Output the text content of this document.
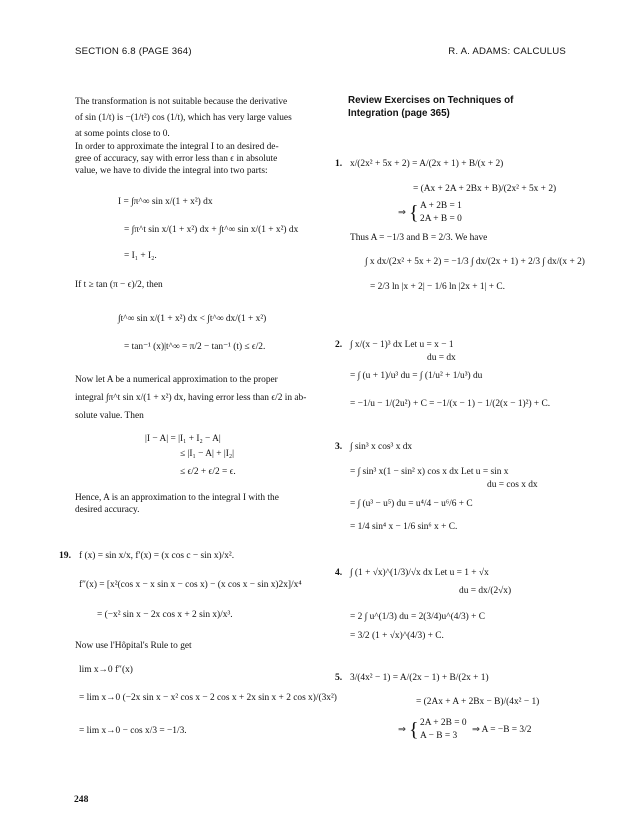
SECTION 6.8 (PAGE 364)	R. A. ADAMS: CALCULUS
The transformation is not suitable because the derivative
of sin (1/t) is −(1/t²) cos (1/t), which has very large values
at some points close to 0.
In order to approximate the integral I to an desired de-
gree of accuracy, say with error less than ϵ in absolute
value, we have to divide the integral into two parts:
I = ∫π^∞ sin x/(1 + x²) dx
= ∫π^t sin x/(1 + x²) dx + ∫t^∞ sin x/(1 + x²) dx
= I₁ + I₂.
If t ≥ tan (π − ϵ)/2, then
∫t^∞ sin x/(1 + x²) dx < ∫t^∞ dx/(1 + x²)
= tan⁻¹ (x)|t^∞ = π/2 − tan⁻¹ (t) ≤ ϵ/2.
Now let A be a numerical approximation to the proper
integral ∫π^t sin x/(1 + x²) dx, having error less than ϵ/2 in ab-
solute value. Then
|I − A| = |I₁ + I₂ − A|
≤ |I₁ − A| + |I₂|
≤ ϵ/2 + ϵ/2 = ϵ.
Hence, A is an approximation to the integral I with the
desired accuracy.
19. f (x) = sin x/x, f′(x) = (x cos c − sin x)/x².
f″(x) = [x²(cos x − x sin x − cos x) − (x cos x − sin x)2x]/x⁴
= (−x² sin x − 2x cos x + 2 sin x)/x³.
Now use l'Hôpital's Rule to get
lim x→0 f″(x)
= lim x→0 (−2x sin x − x² cos x − 2 cos x + 2x sin x + 2 cos x)/(3x²)
= lim x→0 − cos x/3 = −1/3.
Review Exercises on Techniques of
Integration (page 365)
1. x/(2x² + 5x + 2) = A/(2x + 1) + B/(x + 2)
= (Ax + 2A + 2Bx + B)/(2x² + 5x + 2)
⇒ { A + 2B = 1
2A + B = 0
Thus A = −1/3 and B = 2/3. We have
∫ x dx/(2x² + 5x + 2) = −1/3 ∫ dx/(2x + 1) + 2/3 ∫ dx/(x + 2)
= 2/3 ln |x + 2| − 1/6 ln |2x + 1| + C.
2. ∫ x/(x − 1)³ dx Let u = x − 1
du = dx
= ∫ (u + 1)/u³ du = ∫ (1/u² + 1/u³) du
= −1/u − 1/(2u²) + C = −1/(x − 1) − 1/(2(x − 1)²) + C.
3. ∫ sin³ x cos³ x dx
= ∫ sin³ x(1 − sin² x) cos x dx Let u = sin x
du = cos x dx
= ∫ (u³ − u⁵) du = u⁴/4 − u⁶/6 + C
= 1/4 sin⁴ x − 1/6 sin⁶ x + C.
4. ∫ (1 + √x)^(1/3)/√x dx Let u = 1 + √x
du = dx/(2√x)
= 2 ∫ u^(1/3) du = 2(3/4)u^(4/3) + C
= 3/2 (1 + √x)^(4/3) + C.
5. 3/(4x² − 1) = A/(2x − 1) + B/(2x + 1)
= (2Ax + A + 2Bx − B)/(4x² − 1)
⇒ { 2A + 2B = 0
A − B = 3
⇒ A = −B = 3/2
248
